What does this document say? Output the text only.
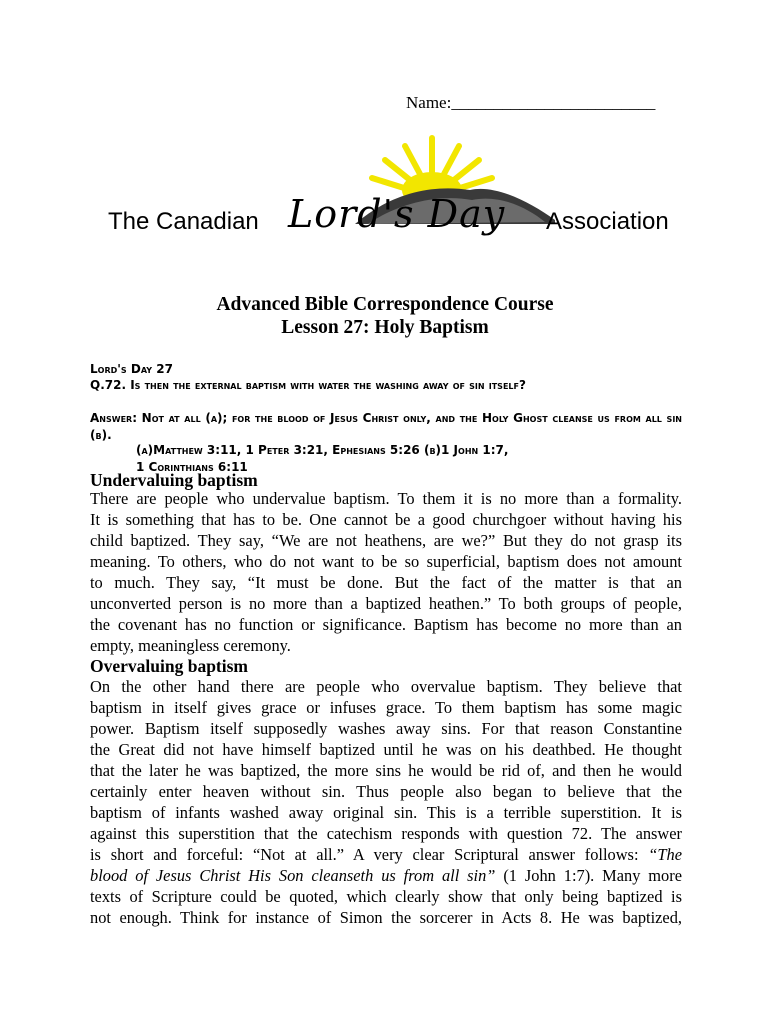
Name:________________________
The Canadian Lord's Day Association
Advanced Bible Correspondence Course
Lesson 27: Holy Baptism
Lord's Day 27
Q.72. Is then the external baptism with water the washing away of sin itself?
Answer: Not at all (a); for the blood of Jesus Christ only, and the Holy Ghost cleanse us from all sin (b).
(a)Matthew 3:11, 1 Peter 3:21, Ephesians 5:26 (b)1 John 1:7,
1 Corinthians 6:11
Undervaluing baptism
There are people who undervalue baptism. To them it is no more than a formality.
It is something that has to be. One cannot be a good churchgoer without having his
child baptized. They say, “We are not heathens, are we?” But they do not grasp its
meaning. To others, who do not want to be so superficial, baptism does not amount
to much. They say, “It must be done. But the fact of the matter is that an
unconverted person is no more than a baptized heathen.” To both groups of people,
the covenant has no function or significance. Baptism has become no more than an
empty, meaningless ceremony.
Overvaluing baptism
On the other hand there are people who overvalue baptism. They believe that
baptism in itself gives grace or infuses grace. To them baptism has some magic
power. Baptism itself supposedly washes away sins. For that reason Constantine
the Great did not have himself baptized until he was on his deathbed. He thought
that the later he was baptized, the more sins he would be rid of, and then he would
certainly enter heaven without sin. Thus people also began to believe that the
baptism of infants washed away original sin. This is a terrible superstition. It is
against this superstition that the catechism responds with question 72. The answer
is short and forceful: “Not at all.” A very clear Scriptural answer follows: “The
blood of Jesus Christ His Son cleanseth us from all sin” (1 John 1:7). Many more
texts of Scripture could be quoted, which clearly show that only being baptized is
not enough. Think for instance of Simon the sorcerer in Acts 8. He was baptized,
